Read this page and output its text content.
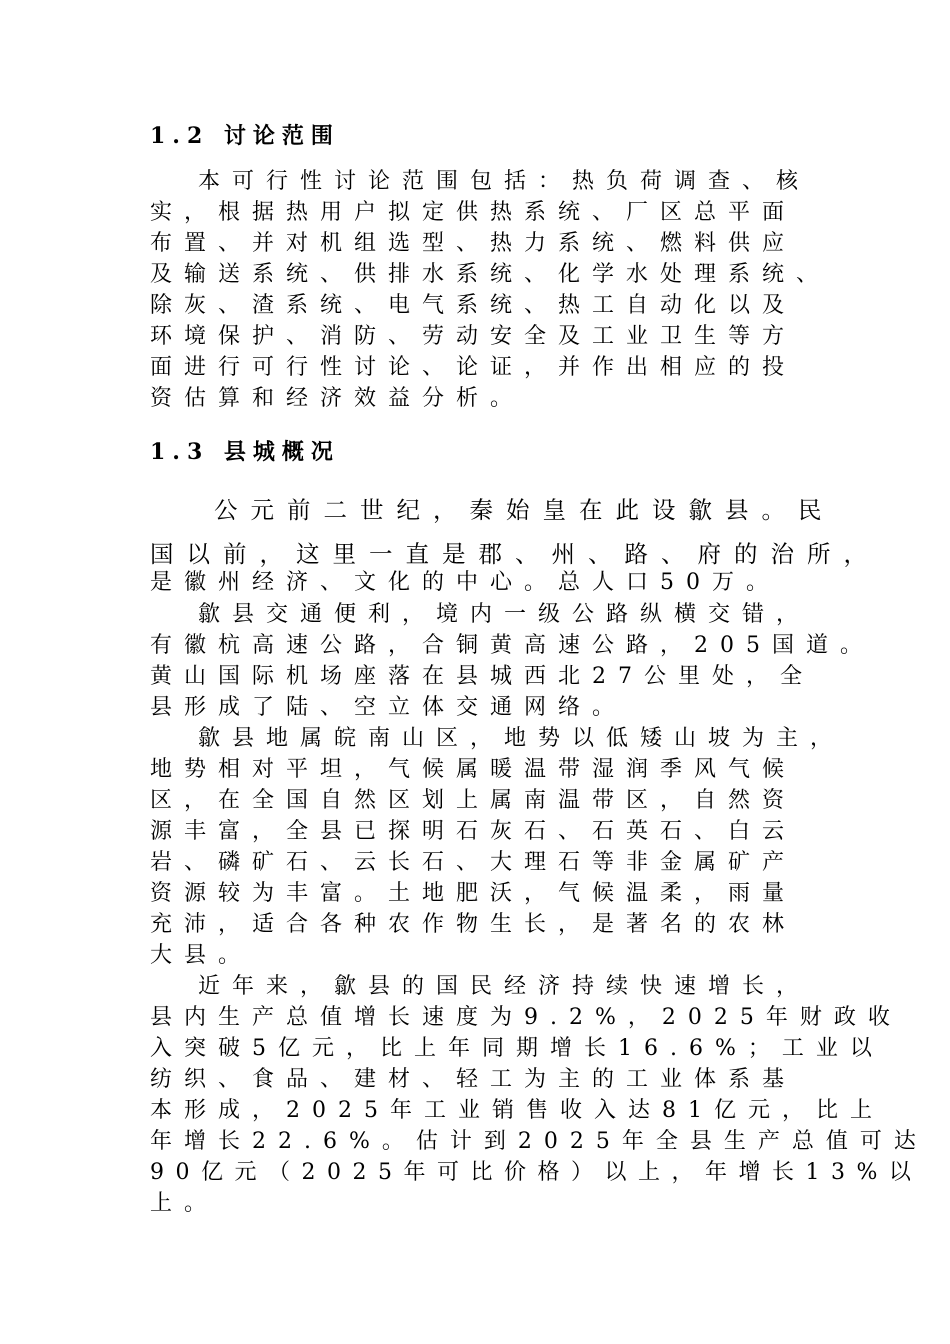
1.2 讨论范围
本可行性讨论范围包括：热负荷调查、核
实，根据热用户拟定供热系统、厂区总平面
布置、并对机组选型、热力系统、燃料供应
及输送系统、供排水系统、化学水处理系统、
除灰、渣系统、电气系统、热工自动化以及
环境保护、消防、劳动安全及工业卫生等方
面进行可行性讨论、论证，并作出相应的投
资估算和经济效益分析。
1.3 县城概况
公元前二世纪，秦始皇在此设歙县。民
国以前，这里一直是郡、州、路、府的治所，
是徽州经济、文化的中心。总人口50万。
歙县交通便利，境内一级公路纵横交错，
有徽杭高速公路，合铜黄高速公路，205国道。
黄山国际机场座落在县城西北27公里处，全
县形成了陆、空立体交通网络。
歙县地属皖南山区，地势以低矮山坡为主，
地势相对平坦，气候属暖温带湿润季风气候
区，在全国自然区划上属南温带区，自然资
源丰富，全县已探明石灰石、石英石、白云
岩、磷矿石、云长石、大理石等非金属矿产
资源较为丰富。土地肥沃，气候温柔，雨量
充沛，适合各种农作物生长，是著名的农林
大县。
近年来，歙县的国民经济持续快速增长，
县内生产总值增长速度为9.2%，2025年财政收
入突破5亿元，比上年同期增长16.6%；工业以
纺织、食品、建材、轻工为主的工业体系基
本形成，2025年工业销售收入达81亿元，比上
年增长22.6%。估计到2025年全县生产总值可达
90亿元（2025年可比价格）以上，年增长13%以
上。
